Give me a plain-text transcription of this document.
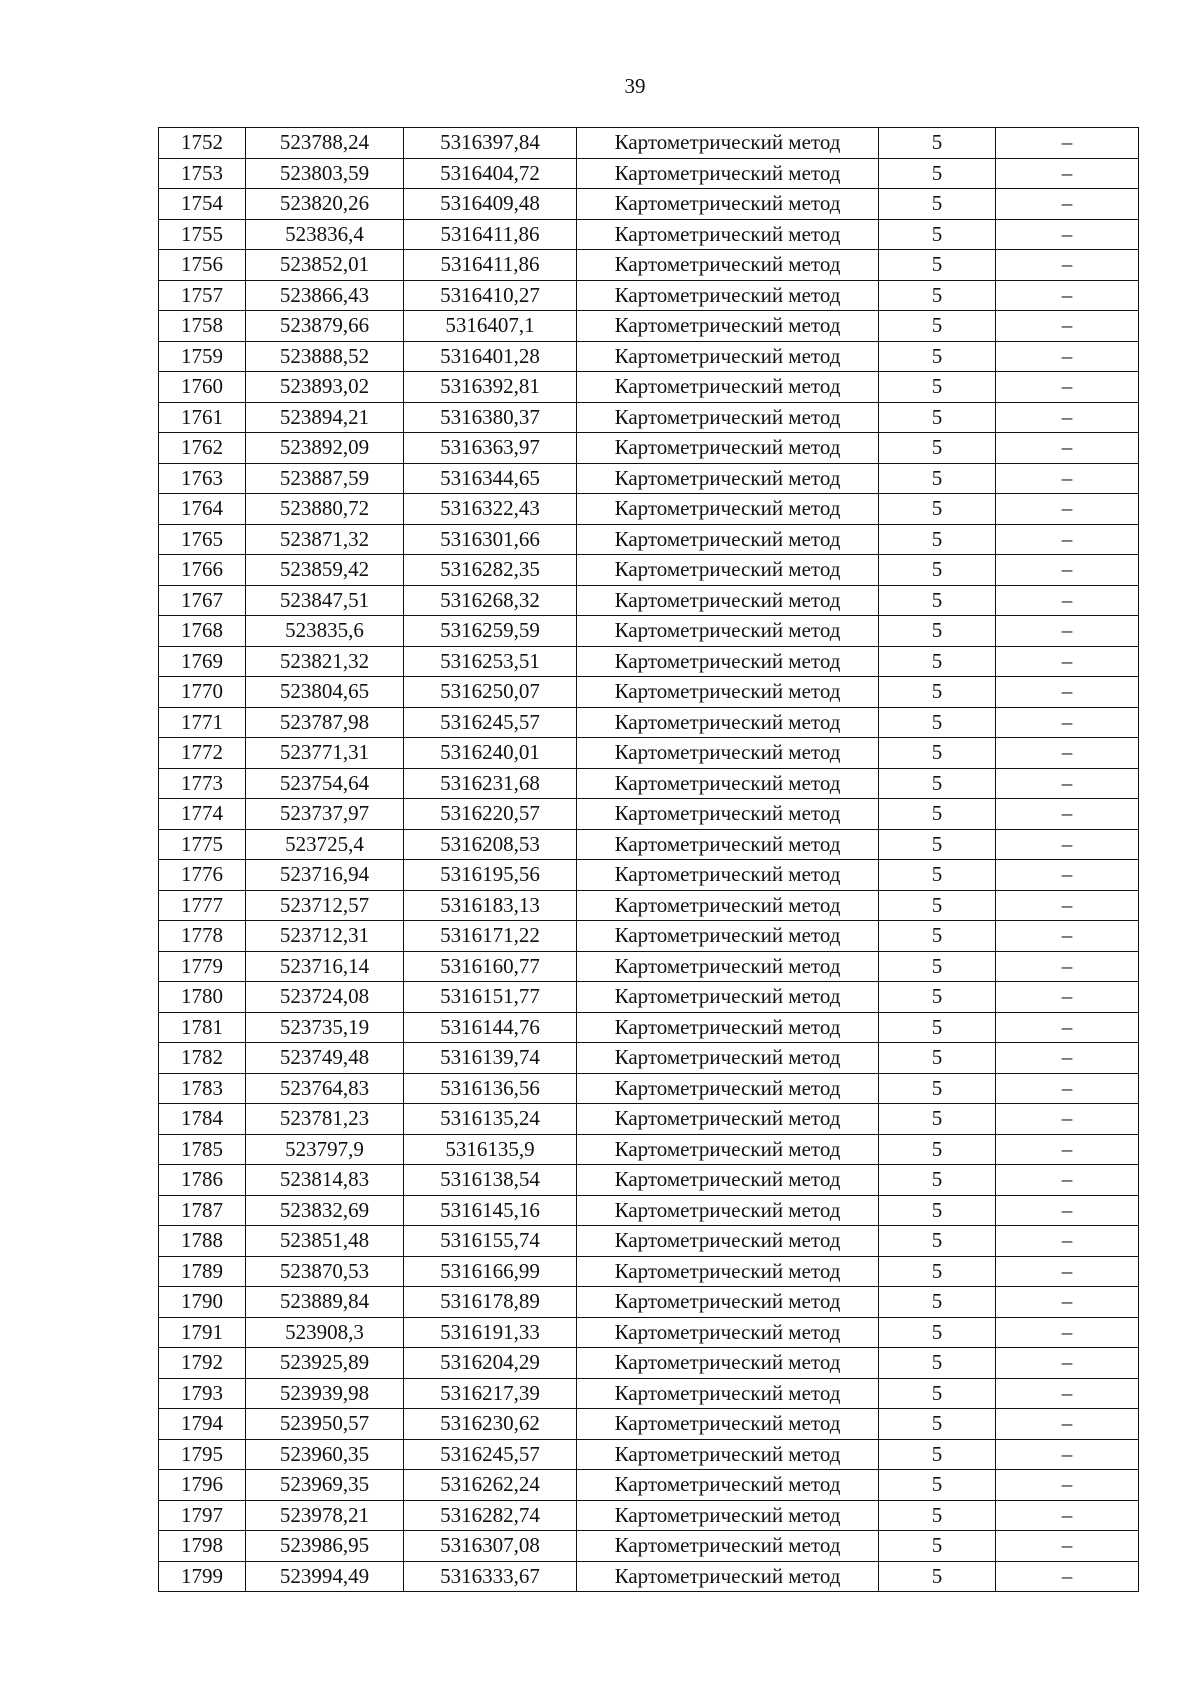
39
1752	523788,24	5316397,84	Картометрический метод	5	–
1753	523803,59	5316404,72	Картометрический метод	5	–
1754	523820,26	5316409,48	Картометрический метод	5	–
1755	523836,4	5316411,86	Картометрический метод	5	–
1756	523852,01	5316411,86	Картометрический метод	5	–
1757	523866,43	5316410,27	Картометрический метод	5	–
1758	523879,66	5316407,1	Картометрический метод	5	–
1759	523888,52	5316401,28	Картометрический метод	5	–
1760	523893,02	5316392,81	Картометрический метод	5	–
1761	523894,21	5316380,37	Картометрический метод	5	–
1762	523892,09	5316363,97	Картометрический метод	5	–
1763	523887,59	5316344,65	Картометрический метод	5	–
1764	523880,72	5316322,43	Картометрический метод	5	–
1765	523871,32	5316301,66	Картометрический метод	5	–
1766	523859,42	5316282,35	Картометрический метод	5	–
1767	523847,51	5316268,32	Картометрический метод	5	–
1768	523835,6	5316259,59	Картометрический метод	5	–
1769	523821,32	5316253,51	Картометрический метод	5	–
1770	523804,65	5316250,07	Картометрический метод	5	–
1771	523787,98	5316245,57	Картометрический метод	5	–
1772	523771,31	5316240,01	Картометрический метод	5	–
1773	523754,64	5316231,68	Картометрический метод	5	–
1774	523737,97	5316220,57	Картометрический метод	5	–
1775	523725,4	5316208,53	Картометрический метод	5	–
1776	523716,94	5316195,56	Картометрический метод	5	–
1777	523712,57	5316183,13	Картометрический метод	5	–
1778	523712,31	5316171,22	Картометрический метод	5	–
1779	523716,14	5316160,77	Картометрический метод	5	–
1780	523724,08	5316151,77	Картометрический метод	5	–
1781	523735,19	5316144,76	Картометрический метод	5	–
1782	523749,48	5316139,74	Картометрический метод	5	–
1783	523764,83	5316136,56	Картометрический метод	5	–
1784	523781,23	5316135,24	Картометрический метод	5	–
1785	523797,9	5316135,9	Картометрический метод	5	–
1786	523814,83	5316138,54	Картометрический метод	5	–
1787	523832,69	5316145,16	Картометрический метод	5	–
1788	523851,48	5316155,74	Картометрический метод	5	–
1789	523870,53	5316166,99	Картометрический метод	5	–
1790	523889,84	5316178,89	Картометрический метод	5	–
1791	523908,3	5316191,33	Картометрический метод	5	–
1792	523925,89	5316204,29	Картометрический метод	5	–
1793	523939,98	5316217,39	Картометрический метод	5	–
1794	523950,57	5316230,62	Картометрический метод	5	–
1795	523960,35	5316245,57	Картометрический метод	5	–
1796	523969,35	5316262,24	Картометрический метод	5	–
1797	523978,21	5316282,74	Картометрический метод	5	–
1798	523986,95	5316307,08	Картометрический метод	5	–
1799	523994,49	5316333,67	Картометрический метод	5	–
